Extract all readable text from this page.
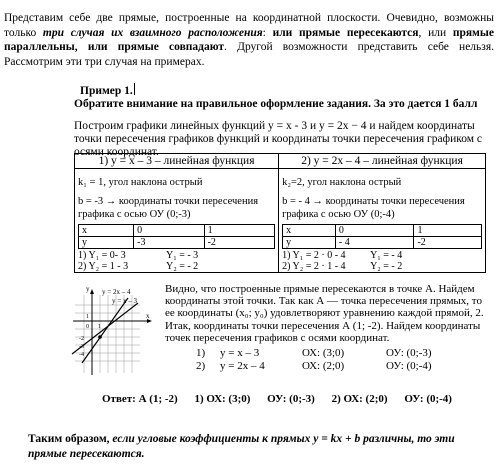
Представим себе две прямые, построенные на координатной плоскости. Очевидно, возможны только три случая их взаимного расположения: или прямые пересекаются, или прямые параллельны, или прямые совпадают. Другой возможности представить себе нельзя. Рассмотрим эти три случая на примерах.

Пример 1.
Обратите внимание на правильное оформление задания. За это дается 1 балл

Построим графики линейных функций y = x - 3 и y = 2x − 4 и найдем координаты точки пересечения графиков функций и координаты точки пересечения графиком с осями координат.

1) y = x – 3 – линейная функция	2) y = 2x – 4 – линейная функция

k₁ = 1, угол наклона острый
b = -3 → координаты точки пересечения
графика с осью ОУ (0;-3)
x	0	1
y	-3	-2
1) Y₁ = 0- 3	Y₁ = - 3
2) Y₂ = 1 - 3	Y₂ = - 2

k₂=2, угол наклона острый
b = - 4 → координаты точки пересечения
графика с осью ОУ (0;-4)
x	0	1
y	- 4	-2
1) Y₁ = 2 · 0 - 4 Y₁ = - 4
2) Y₂ = 2 · 1 - 4 Y₂ = - 2
y y = 2x – 4
y = x – 3
x
1
1
0
-2
-3
-4

Видно, что построенные прямые пересекаются в точке А. Найдем координаты этой точки. Так как А — точка пересечения прямых, то ее координаты (x₀; y₀) удовлетворяют уравнению каждой прямой, 2. Итак, координаты точки пересечения А (1; -2). Найдем координаты точек пересечения графиков с осями координат.

1) y = x – 3	ОХ: (3;0)	ОУ: (0;-3)
2) y = 2x – 4	ОХ: (2;0)	ОУ: (0;-4)
Ответ: А (1; -2) 1) ОХ: (3;0) ОУ: (0;-3) 2) ОХ: (2;0) ОУ: (0;-4)

Таким образом, если угловые коэффициенты к прямых y = kx + b различны, то эти прямые пересекаются.
